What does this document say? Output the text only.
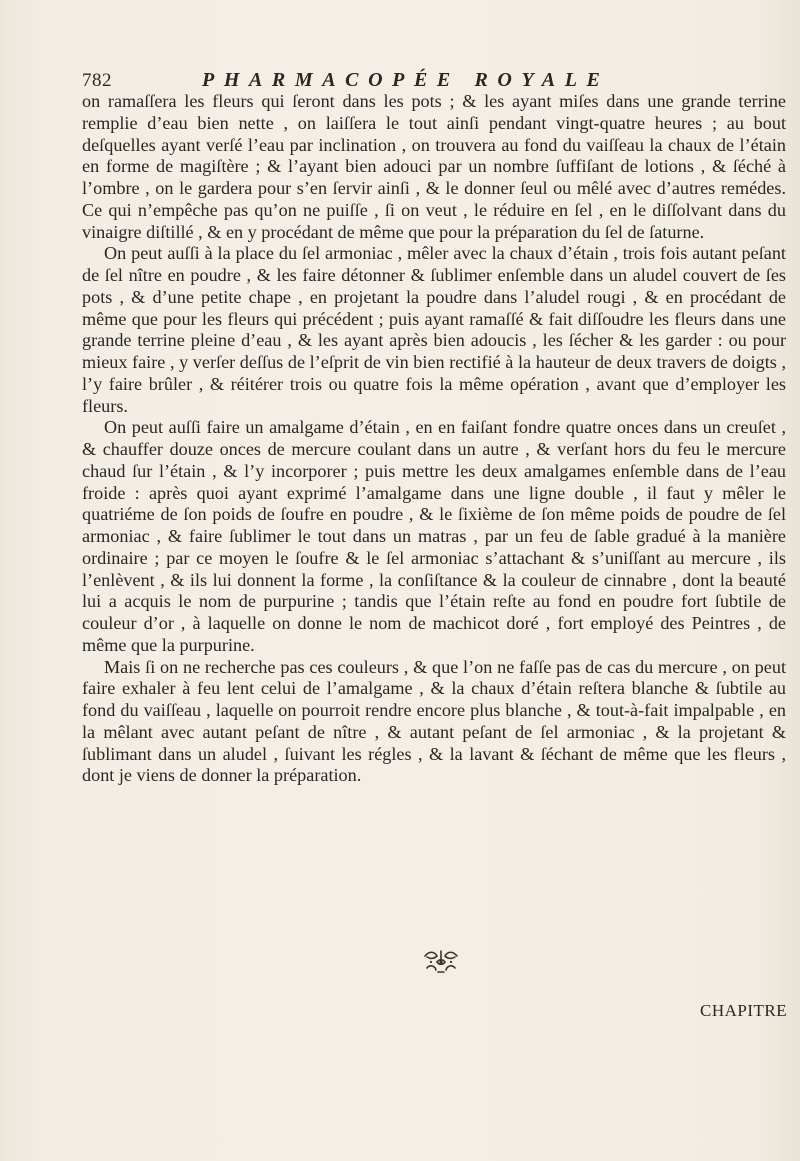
782	PHARMACOPÉE ROYALE

on ramaſſera les fleurs qui ſeront dans les pots ; & les ayant miſes dans une grande terrine remplie d’eau bien nette , on laiſſera le tout ainſi pendant vingt-quatre heures ; au bout deſquelles ayant verſé l’eau par inclination , on trouvera au fond du vaiſſeau la chaux de l’étain en forme de magiſtère ; & l’ayant bien adouci par un nombre ſuffiſant de lotions , & ſéché à l’ombre , on le gardera pour s’en ſervir ainſi , & le donner ſeul ou mêlé avec d’autres remédes. Ce qui n’empêche pas qu’on ne puiſſe , ſi on veut , le réduire en ſel , en le diſſolvant dans du vinaigre diſtillé , & en y procédant de même que pour la préparation du ſel de ſaturne.

On peut auſſi à la place du ſel armoniac , mêler avec la chaux d’étain , trois fois autant peſant de ſel nître en poudre , & les faire détonner & ſublimer enſemble dans un aludel couvert de ſes pots , & d’une petite chape , en projetant la poudre dans l’aludel rougi , & en procédant de même que pour les fleurs qui précédent ; puis ayant ramaſſé & fait diſſoudre les fleurs dans une grande terrine pleine d’eau , & les ayant après bien adoucis , les ſécher & les garder : ou pour mieux faire , y verſer deſſus de l’eſprit de vin bien rectifié à la hauteur de deux travers de doigts , l’y faire brûler , & réitérer trois ou quatre fois la même opération , avant que d’employer les fleurs.

On peut auſſi faire un amalgame d’étain , en en faiſant fondre quatre onces dans un creuſet , & chauffer douze onces de mercure coulant dans un autre , & verſant hors du feu le mercure chaud ſur l’étain , & l’y incorporer ; puis mettre les deux amalgames enſemble dans de l’eau froide : après quoi ayant exprimé l’amalgame dans une ligne double , il faut y mêler le quatriéme de ſon poids de ſoufre en poudre , & le ſixième de ſon même poids de poudre de ſel armoniac , & faire ſublimer le tout dans un matras , par un feu de ſable gradué à la manière ordinaire ; par ce moyen le ſoufre & le ſel armoniac s’attachant & s’uniſſant au mercure , ils l’enlèvent , & ils lui donnent la forme , la conſiſtance & la couleur de cinnabre , dont la beauté lui a acquis le nom de purpurine ; tandis que l’étain reſte au fond en poudre fort ſubtile de couleur d’or , à laquelle on donne le nom de machicot doré , fort employé des Peintres , de même que la purpurine.

Mais ſi on ne recherche pas ces couleurs , & que l’on ne faſſe pas de cas du mercure , on peut faire exhaler à feu lent celui de l’amalgame , & la chaux d’étain reſtera blanche & ſubtile au fond du vaiſſeau , laquelle on pourroit rendre encore plus blanche , & tout-à-fait impalpable , en la mêlant avec autant peſant de nître , & autant peſant de ſel armoniac , & la projetant & ſublimant dans un aludel , ſuivant les régles , & la lavant & ſéchant de même que les fleurs , dont je viens de donner la préparation.

CHAPITRE
